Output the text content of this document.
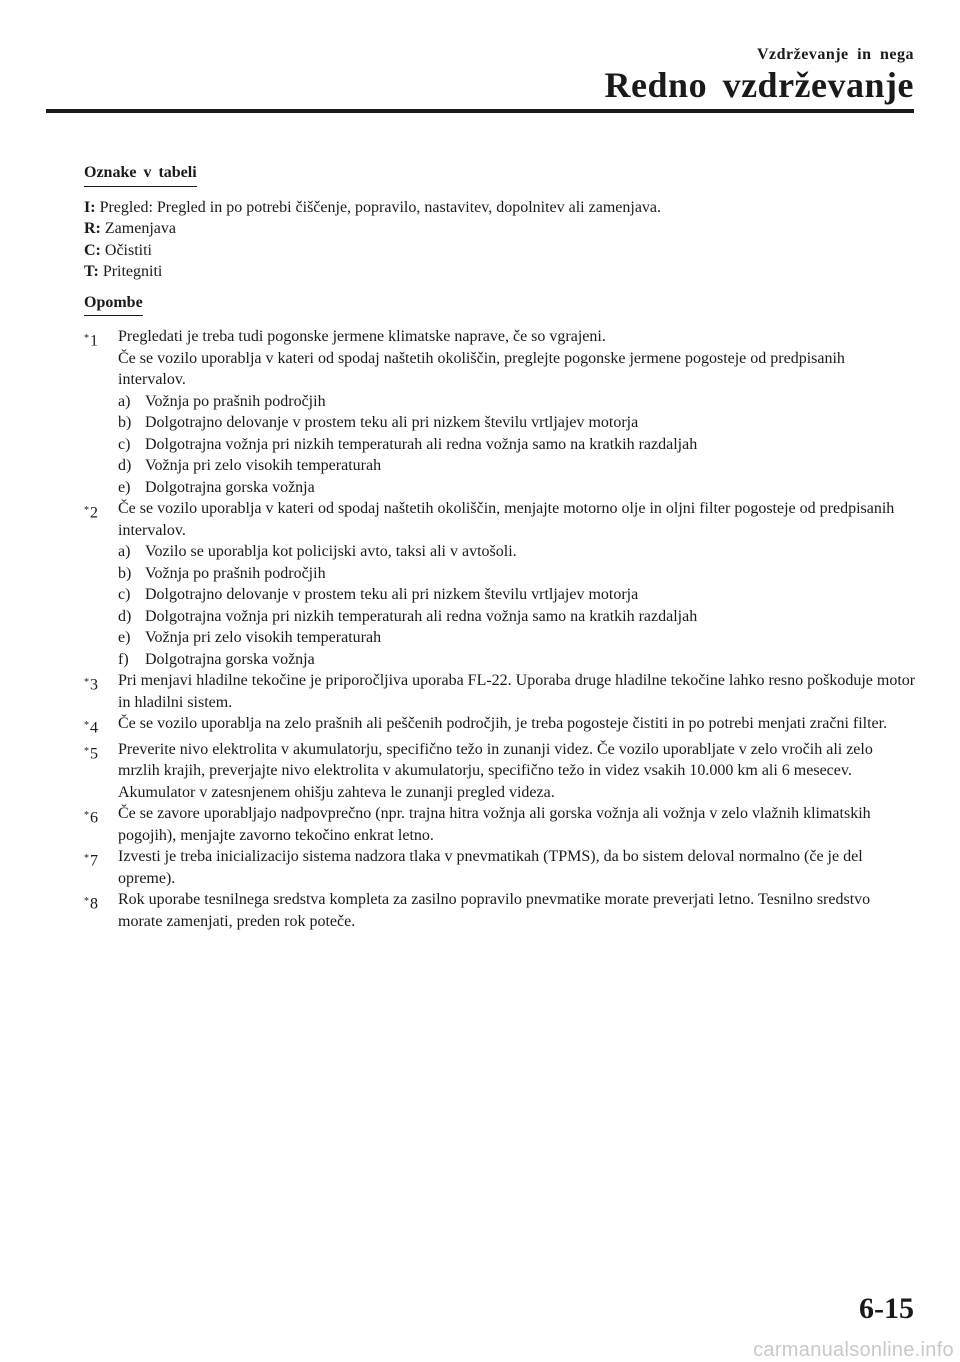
Vzdrževanje in nega
Redno vzdrževanje
Oznake v tabeli
I: Pregled: Pregled in po potrebi čiščenje, popravilo, nastavitev, dopolnitev ali zamenjava.
R: Zamenjava
C: Očistiti
T: Pritegniti
Opombe
*1	Pregledati je treba tudi pogonske jermene klimatske naprave, če so vgrajeni.
Če se vozilo uporablja v kateri od spodaj naštetih okoliščin, preglejte pogonske jermene pogosteje od predpisanih intervalov.
a) Vožnja po prašnih področjih
b) Dolgotrajno delovanje v prostem teku ali pri nizkem številu vrtljajev motorja
c) Dolgotrajna vožnja pri nizkih temperaturah ali redna vožnja samo na kratkih razdaljah
d) Vožnja pri zelo visokih temperaturah
e) Dolgotrajna gorska vožnja
*2	Če se vozilo uporablja v kateri od spodaj naštetih okoliščin, menjajte motorno olje in oljni filter pogosteje od predpisanih intervalov.
a) Vozilo se uporablja kot policijski avto, taksi ali v avtošoli.
b) Vožnja po prašnih področjih
c) Dolgotrajno delovanje v prostem teku ali pri nizkem številu vrtljajev motorja
d) Dolgotrajna vožnja pri nizkih temperaturah ali redna vožnja samo na kratkih razdaljah
e) Vožnja pri zelo visokih temperaturah
f)	Dolgotrajna gorska vožnja
*3	Pri menjavi hladilne tekočine je priporočljiva uporaba FL-22. Uporaba druge hladilne tekočine lahko resno poškoduje motor in hladilni sistem.
*4	Če se vozilo uporablja na zelo prašnih ali peščenih področjih, je treba pogosteje čistiti in po potrebi menjati zračni filter.
*5	Preverite nivo elektrolita v akumulatorju, specifično težo in zunanji videz. Če vozilo uporabljate v zelo vročih ali zelo mrzlih krajih, preverjajte nivo elektrolita v akumulatorju, specifično težo in videz vsakih 10.000 km ali 6 mesecev. Akumulator v zatesnjenem ohišju zahteva le zunanji pregled videza.
*6	Če se zavore uporabljajo nadpovprečno (npr. trajna hitra vožnja ali gorska vožnja ali vožnja v zelo vlažnih klimatskih pogojih), menjajte zavorno tekočino enkrat letno.
*7	Izvesti je treba inicializacijo sistema nadzora tlaka v pnevmatikah (TPMS), da bo sistem deloval normalno (če je del opreme).
*8	Rok uporabe tesnilnega sredstva kompleta za zasilno popravilo pnevmatike morate preverjati letno. Tesnilno sredstvo morate zamenjati, preden rok poteče.
6-15
carmanualsonline.info
